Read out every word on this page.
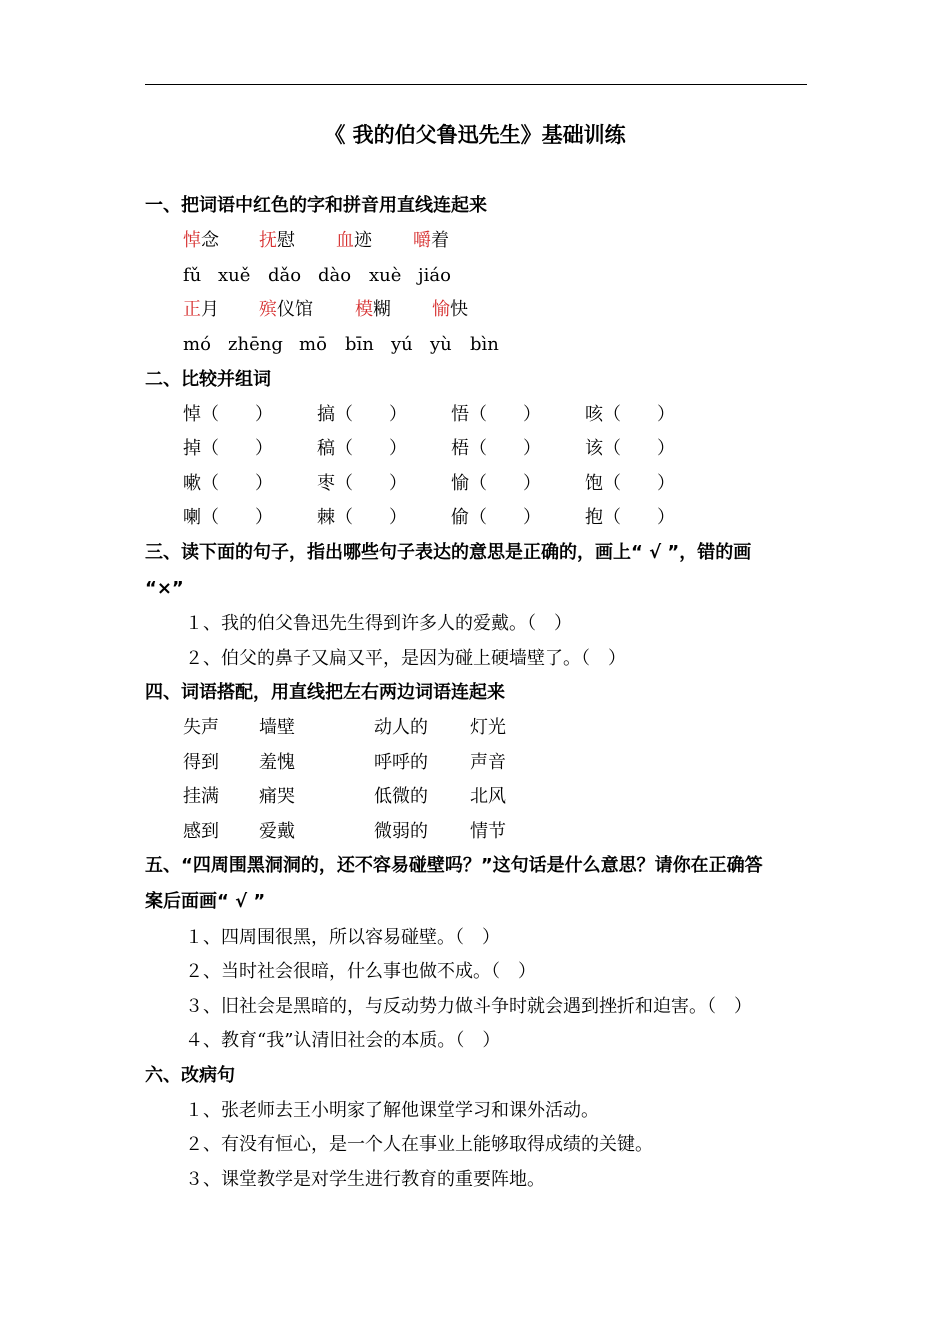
《 我的伯父鲁迅先生》基础训练
一、把词语中红色的字和拼音用直线连起来
悼念 抚慰 血迹 嚼着
fǔ xuě dǎo dào xuè jiáo
正月 殡仪馆 模糊 愉快
mó zhēng mō bīn yú yù bìn
二、比较并组词
悼（　　） 搞（　　） 悟（　　） 咳（　　）
掉（　　） 稿（　　） 梧（　　） 该（　　）
嗽（　　） 枣（　　） 愉（　　） 饱（　　）
喇（　　） 棘（　　） 偷（　　） 抱（　　）
三、读下面的句子，指出哪些句子表达的意思是正确的，画上“ √ ”，错的画
“×”
１、我的伯父鲁迅先生得到许多人的爱戴。（　）
２、伯父的鼻子又扁又平，是因为碰上硬墙壁了。（　）
四、词语搭配，用直线把左右两边词语连起来
失声 墙壁	动人的 灯光
得到 羞愧	呼呼的 声音
挂满 痛哭	低微的 北风
感到 爱戴	微弱的 情节
五、“四周围黑洞洞的，还不容易碰壁吗？”这句话是什么意思？请你在正确答
案后面画“ √ ”
１、四周围很黑，所以容易碰壁。（　）
２、当时社会很暗，什么事也做不成。（　）
３、旧社会是黑暗的，与反动势力做斗争时就会遇到挫折和迫害。（　）
４、教育“我”认清旧社会的本质。（　）
六、改病句
１、张老师去王小明家了解他课堂学习和课外活动。
２、有没有恒心，是一个人在事业上能够取得成绩的关键。
３、课堂教学是对学生进行教育的重要阵地。
